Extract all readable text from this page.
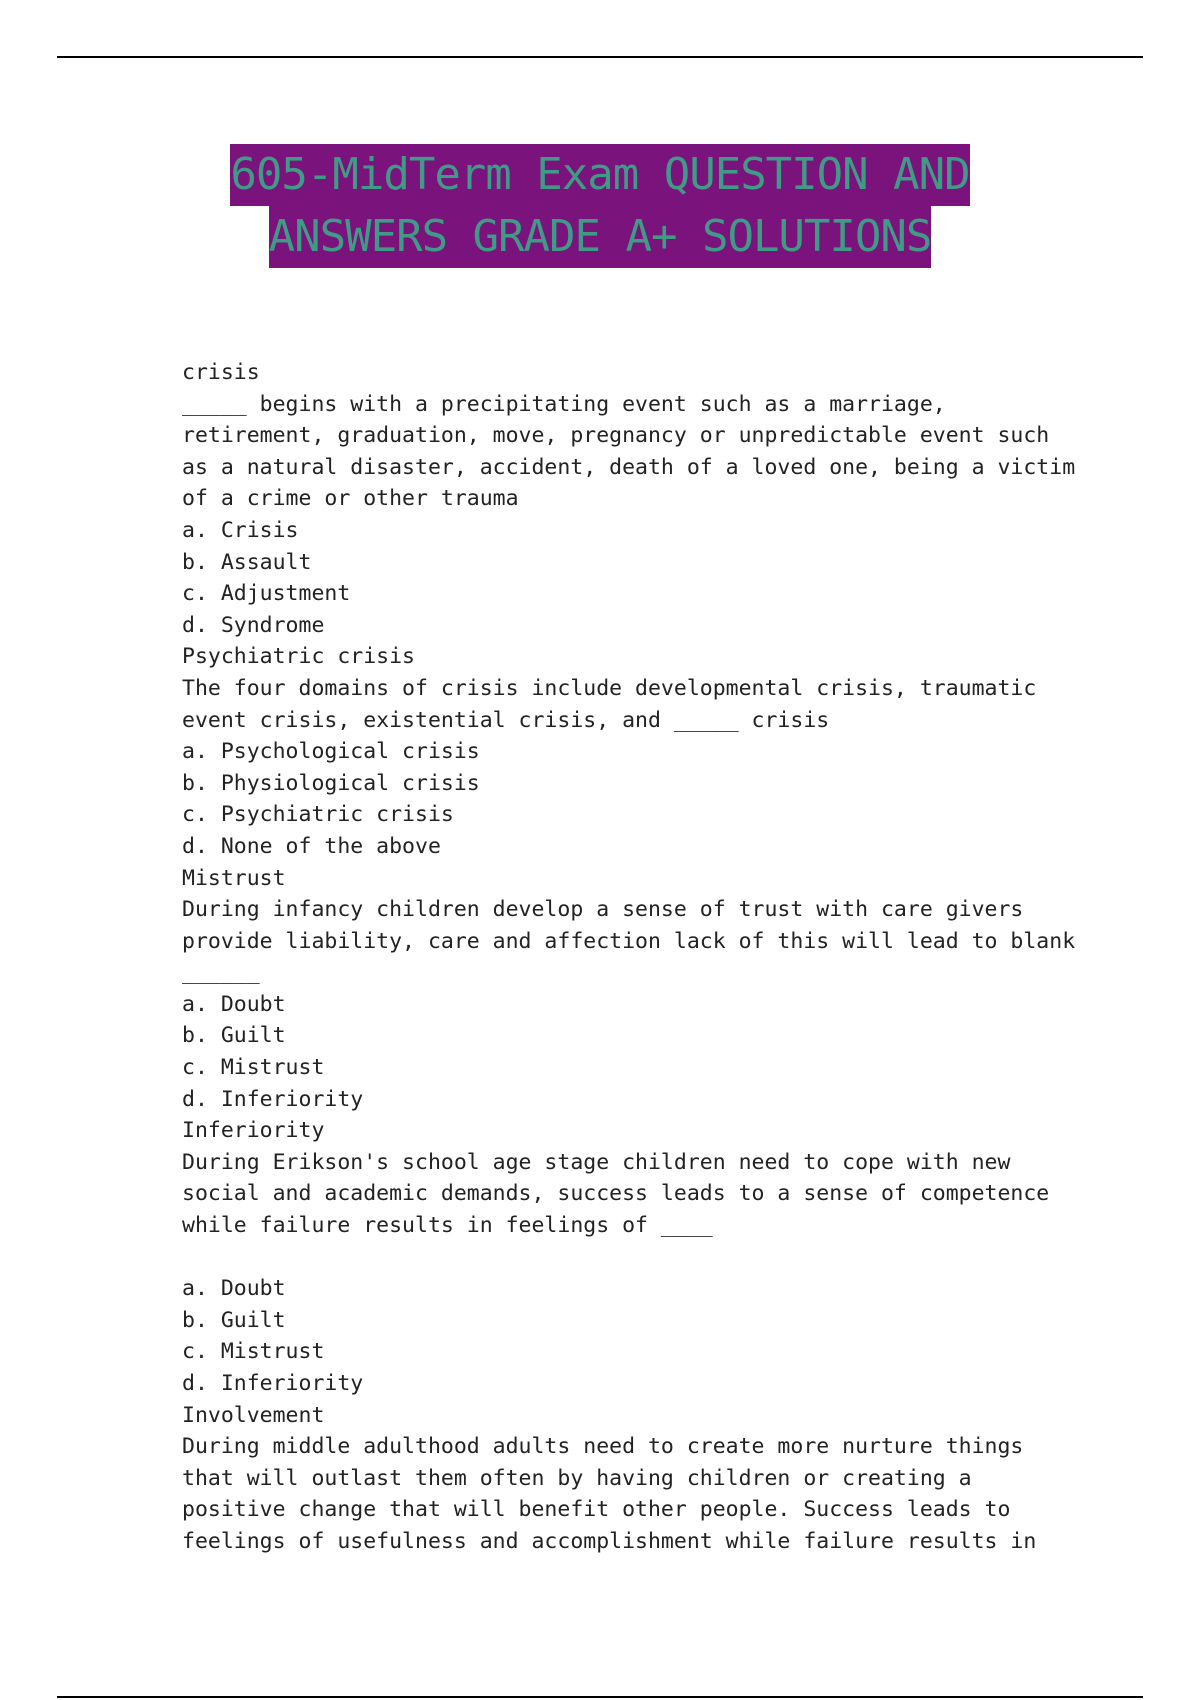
605-MidTerm Exam QUESTION AND
ANSWERS GRADE A+ SOLUTIONS
crisis
_____ begins with a precipitating event such as a marriage,
retirement, graduation, move, pregnancy or unpredictable event such
as a natural disaster, accident, death of a loved one, being a victim
of a crime or other trauma
a. Crisis
b. Assault
c. Adjustment
d. Syndrome
Psychiatric crisis
The four domains of crisis include developmental crisis, traumatic
event crisis, existential crisis, and _____ crisis
a. Psychological crisis
b. Physiological crisis
c. Psychiatric crisis
d. None of the above
Mistrust
During infancy children develop a sense of trust with care givers
provide liability, care and affection lack of this will lead to blank
______
a. Doubt
b. Guilt
c. Mistrust
d. Inferiority
Inferiority
During Erikson's school age stage children need to cope with new
social and academic demands, success leads to a sense of competence
while failure results in feelings of ____
a. Doubt
b. Guilt
c. Mistrust
d. Inferiority
Involvement
During middle adulthood adults need to create more nurture things
that will outlast them often by having children or creating a
positive change that will benefit other people. Success leads to
feelings of usefulness and accomplishment while failure results in
